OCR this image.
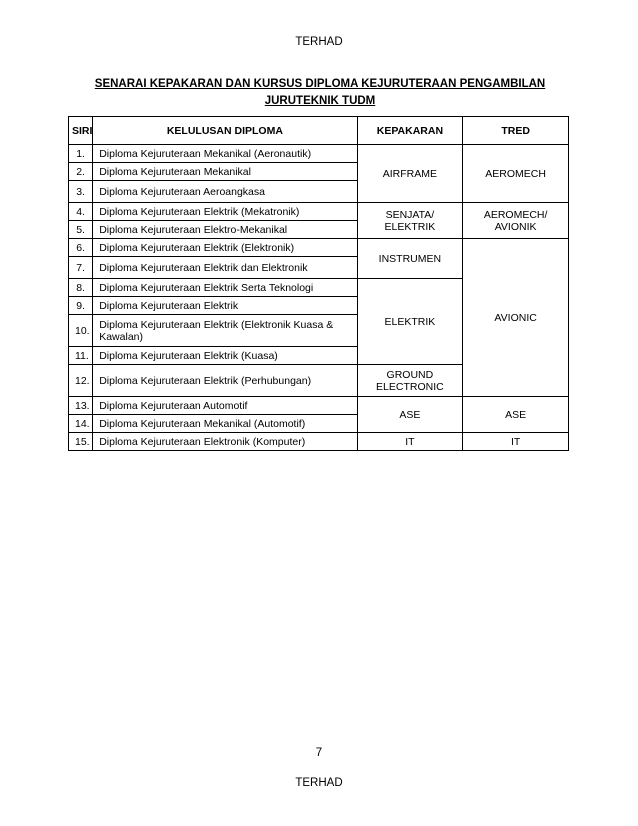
TERHAD
SENARAI KEPAKARAN DAN KURSUS DIPLOMA KEJURUTERAAN PENGAMBILAN
JURUTEKNIK TUDM
SIRI	KELULUSAN DIPLOMA	KEPAKARAN	TRED
1.	Diploma Kejuruteraan Mekanikal (Aeronautik)	AIRFRAME	AEROMECH
2.	Diploma Kejuruteraan Mekanikal		
3.	Diploma Kejuruteraan Aeroangkasa		
4.	Diploma Kejuruteraan Elektrik (Mekatronik)	SENJATA/ ELEKTRIK	AEROMECH/ AVIONIK
5.	Diploma Kejuruteraan Elektro-Mekanikal		
6.	Diploma Kejuruteraan Elektrik (Elektronik)	INSTRUMEN	AVIONIC
7.	Diploma Kejuruteraan Elektrik dan Elektronik		
8.	Diploma Kejuruteraan Elektrik Serta Teknologi	ELEKTRIK	
9.	Diploma Kejuruteraan Elektrik		
10.	Diploma Kejuruteraan Elektrik (Elektronik Kuasa & Kawalan)		
11.	Diploma Kejuruteraan Elektrik (Kuasa)		
12.	Diploma Kejuruteraan Elektrik (Perhubungan)	GROUND ELECTRONIC	
13.	Diploma Kejuruteraan Automotif	ASE	ASE
14.	Diploma Kejuruteraan Mekanikal (Automotif)		
15.	Diploma Kejuruteraan Elektronik (Komputer)	IT	IT
7
TERHAD
